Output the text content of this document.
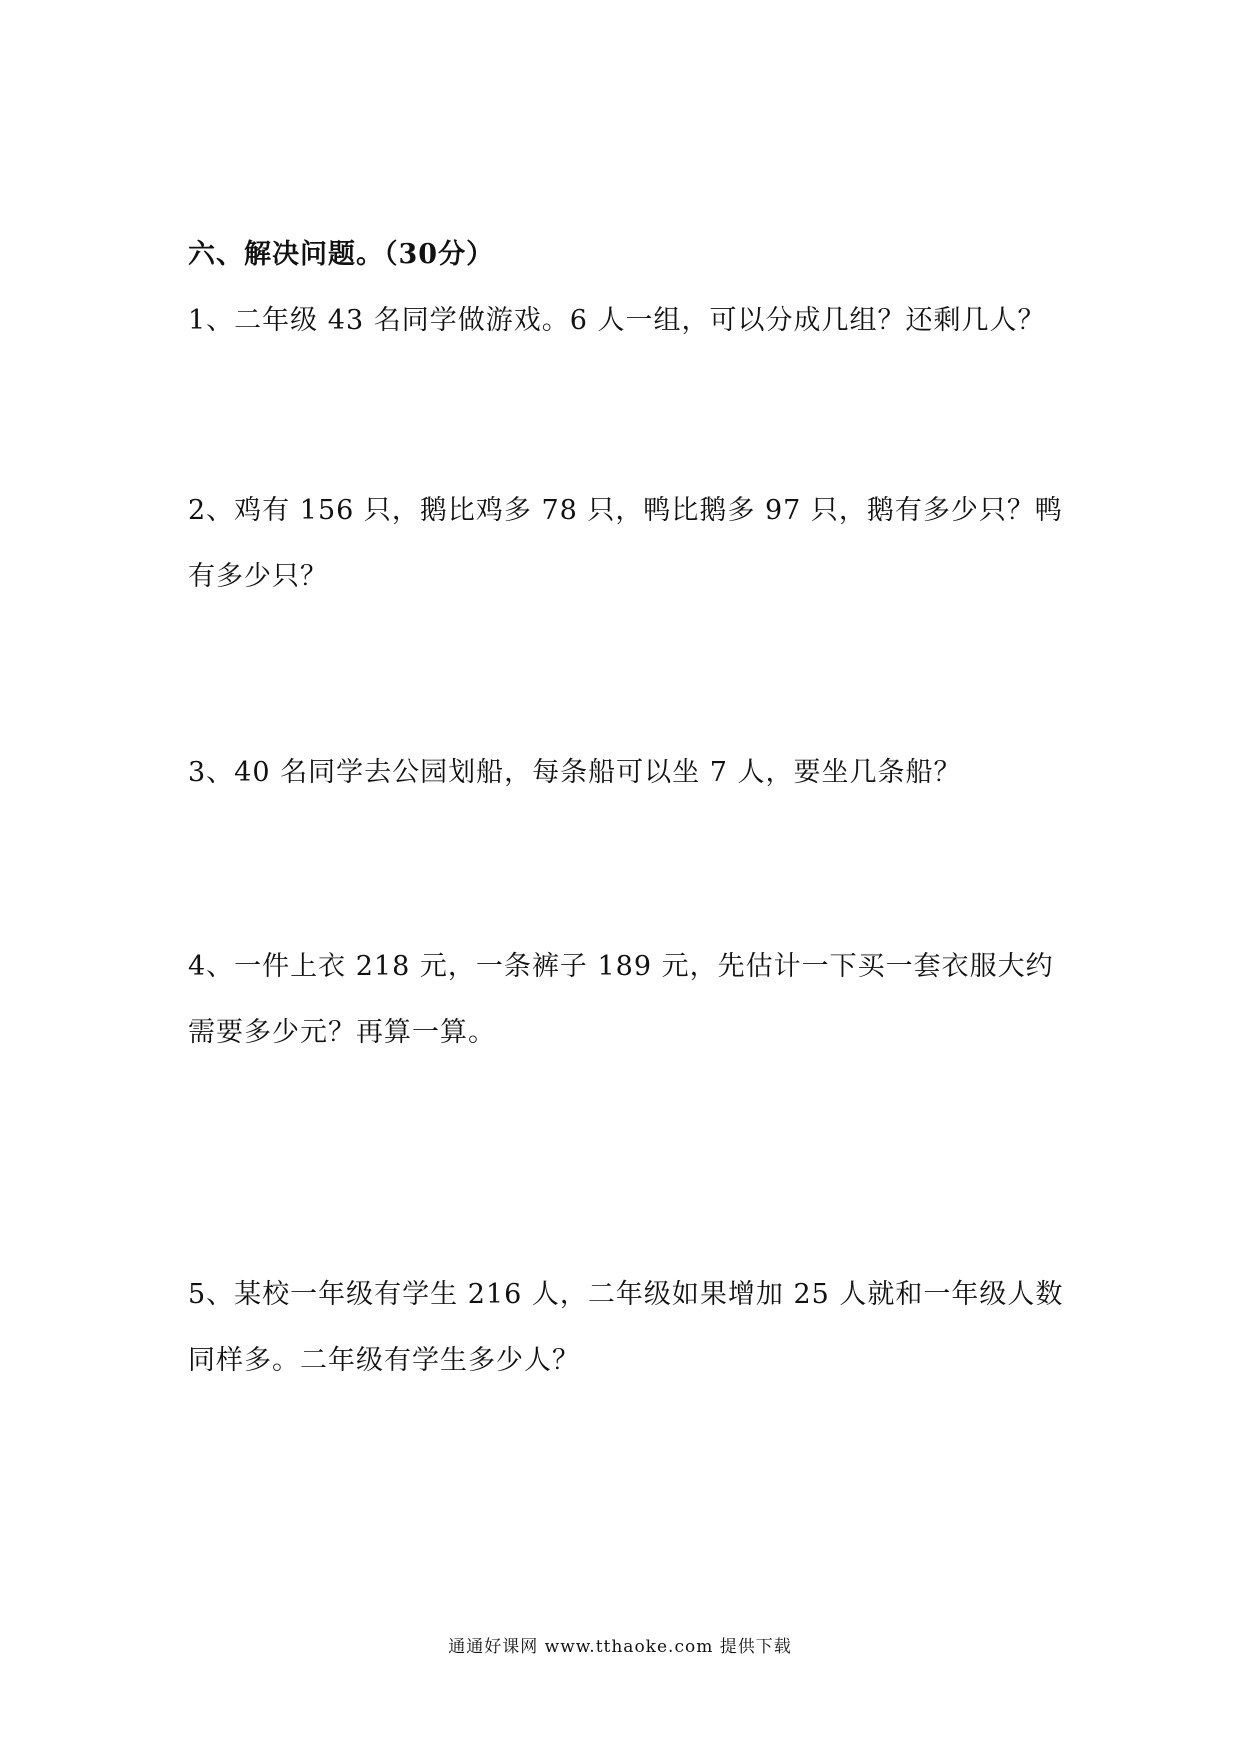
六、解决问题。（30分）
1、二年级 43 名同学做游戏。6 人一组，可以分成几组？还剩几人？
2、鸡有 156 只，鹅比鸡多 78 只，鸭比鹅多 97 只，鹅有多少只？鸭
有多少只？
3、40 名同学去公园划船，每条船可以坐 7 人，要坐几条船？
4、一件上衣 218 元，一条裤子 189 元，先估计一下买一套衣服大约
需要多少元？再算一算。
5、某校一年级有学生 216 人，二年级如果增加 25 人就和一年级人数
同样多。二年级有学生多少人？
通通好课网 www.tthaoke.com 提供下载
